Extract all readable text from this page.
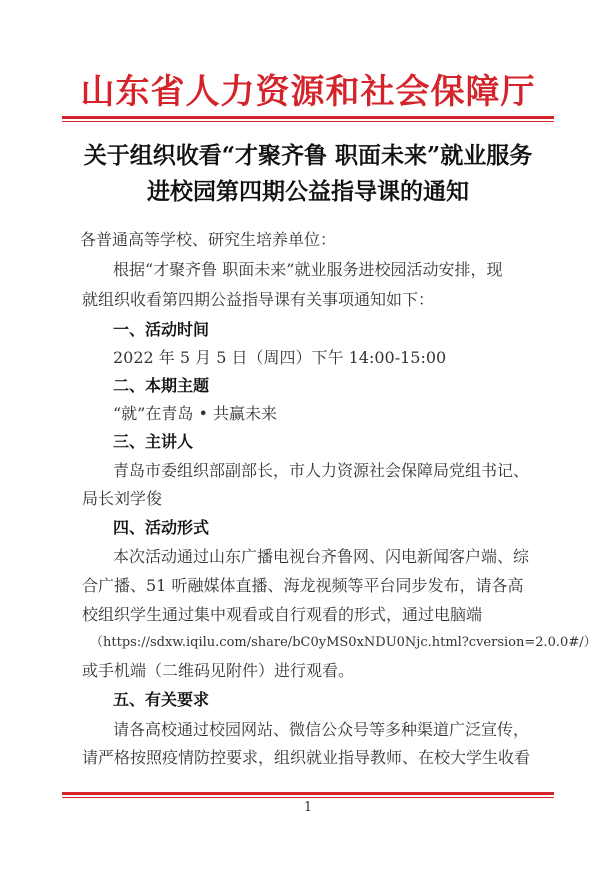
山东省人力资源和社会保障厅
关于组织收看“才聚齐鲁 职面未来”就业服务
进校园第四期公益指导课的通知
各普通高等学校、研究生培养单位：
根据“才聚齐鲁 职面未来”就业服务进校园活动安排，现
就组织收看第四期公益指导课有关事项通知如下：
一、活动时间
2022 年 5 月 5 日（周四）下午 14:00-15:00
二、本期主题
“就”在青岛 • 共赢未来
三、主讲人
青岛市委组织部副部长，市人力资源社会保障局党组书记、
局长刘学俊
四、活动形式
本次活动通过山东广播电视台齐鲁网、闪电新闻客户端、综
合广播、51 听融媒体直播、海龙视频等平台同步发布，请各高
校组织学生通过集中观看或自行观看的形式，通过电脑端
（https://sdxw.iqilu.com/share/bC0yMS0xNDU0Njc.html?cversion=2.0.0#/）
或手机端（二维码见附件）进行观看。
五、有关要求
请各高校通过校园网站、微信公众号等多种渠道广泛宣传，
请严格按照疫情防控要求，组织就业指导教师、在校大学生收看
1
